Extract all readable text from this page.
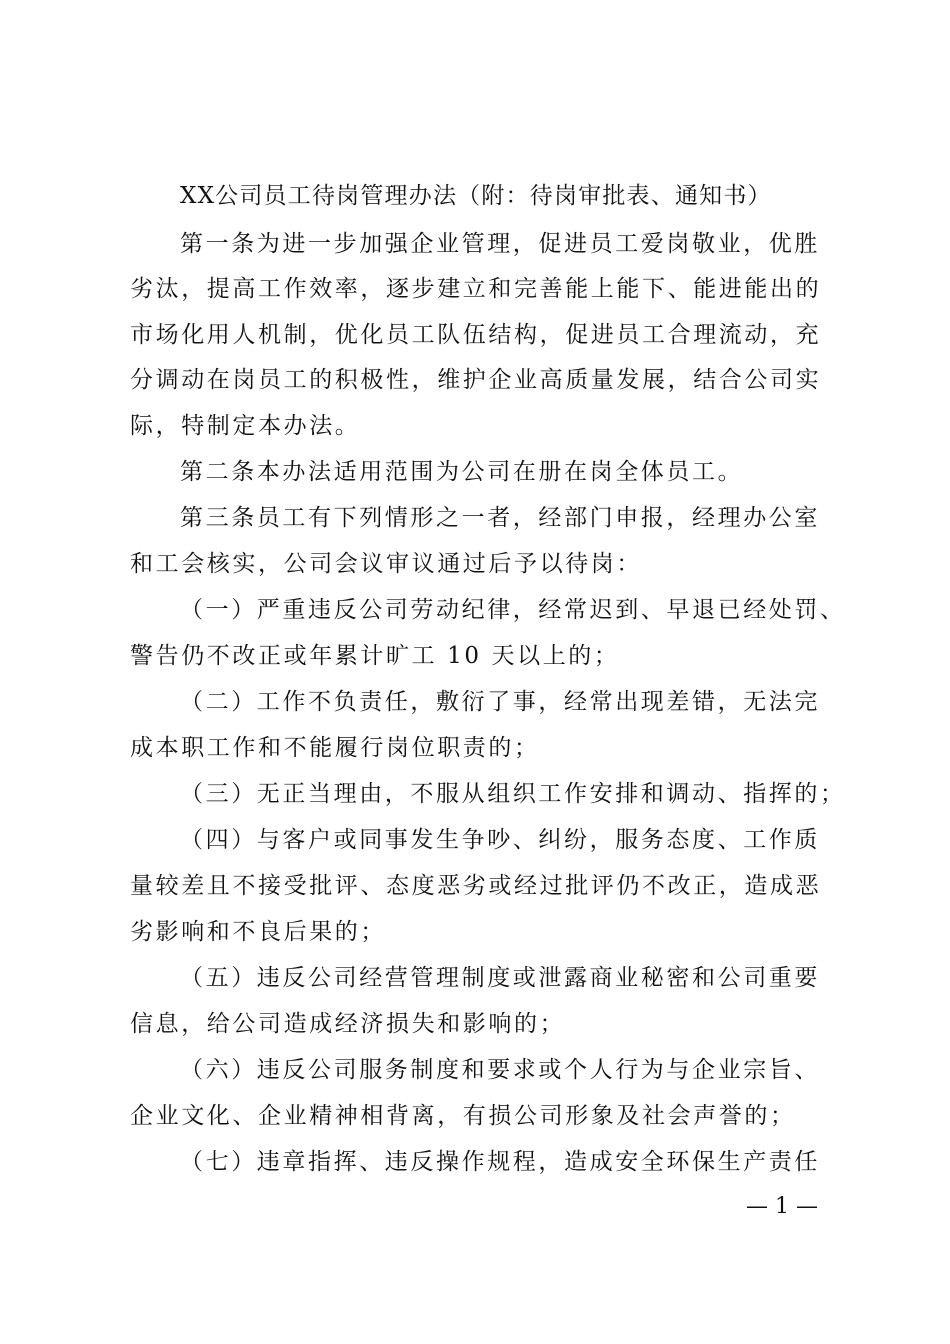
XX公司员工待岗管理办法（附：待岗审批表、通知书）
第一条为进一步加强企业管理，促进员工爱岗敬业，优胜
劣汰，提高工作效率，逐步建立和完善能上能下、能进能出的
市场化用人机制，优化员工队伍结构，促进员工合理流动，充
分调动在岗员工的积极性，维护企业高质量发展，结合公司实
际，特制定本办法。
第二条本办法适用范围为公司在册在岗全体员工。
第三条员工有下列情形之一者，经部门申报，经理办公室
和工会核实，公司会议审议通过后予以待岗：
（一）严重违反公司劳动纪律，经常迟到、早退已经处罚、
警告仍不改正或年累计旷工 10 天以上的；
（二）工作不负责任，敷衍了事，经常出现差错，无法完
成本职工作和不能履行岗位职责的；
（三）无正当理由，不服从组织工作安排和调动、指挥的；
（四）与客户或同事发生争吵、纠纷，服务态度、工作质
量较差且不接受批评、态度恶劣或经过批评仍不改正，造成恶
劣影响和不良后果的；
（五）违反公司经营管理制度或泄露商业秘密和公司重要
信息，给公司造成经济损失和影响的；
（六）违反公司服务制度和要求或个人行为与企业宗旨、
企业文化、企业精神相背离，有损公司形象及社会声誉的；
（七）违章指挥、违反操作规程，造成安全环保生产责任
— 1 —
